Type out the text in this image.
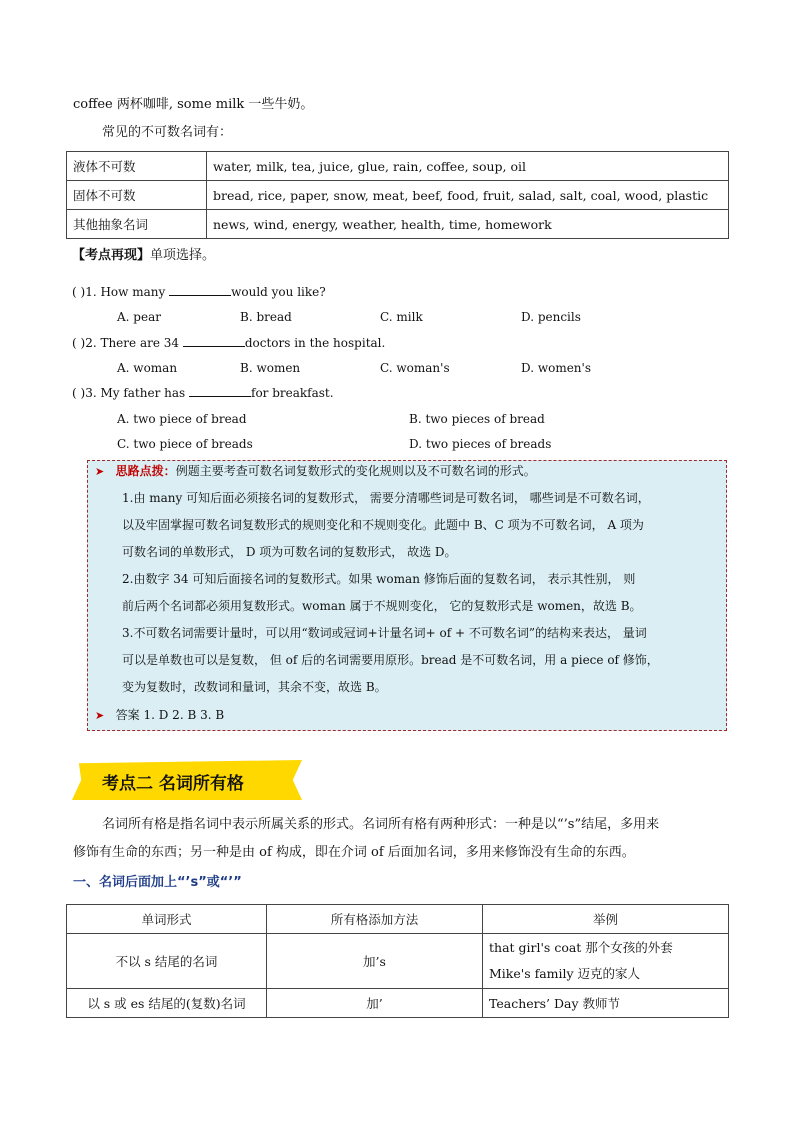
coffee 两杯咖啡, some milk 一些牛奶。
常见的不可数名词有：
液体不可数	water, milk, tea, juice, glue, rain, coffee, soup, oil
固体不可数	bread, rice, paper, snow, meat, beef, food, fruit, salad, salt, coal, wood, plastic
其他抽象名词	news, wind, energy, weather, health, time, homework
【考点再现】单项选择。
( )1. How many	would you like?
A. pear	B. bread	C. milk	D. pencils
( )2. There are 34	doctors in the hospital.
A. woman	B. women	C. woman's	D. women's
( )3. My father has	for breakfast.
A. two piece of bread	B. two pieces of bread
C. two piece of breads	D. two pieces of breads
➤ 思路点拨：例题主要考查可数名词复数形式的变化规则以及不可数名词的形式。
1.由 many 可知后面必须接名词的复数形式， 需要分清哪些词是可数名词， 哪些词是不可数名词，
以及牢固掌握可数名词复数形式的规则变化和不规则变化。此题中 B、C 项为不可数名词， A 项为
可数名词的单数形式， D 项为可数名词的复数形式， 故选 D。
2.由数字 34 可知后面接名词的复数形式。如果 woman 修饰后面的复数名词， 表示其性别， 则
前后两个名词都必须用复数形式。woman 属于不规则变化， 它的复数形式是 women，故选 B。
3.不可数名词需要计量时，可以用“数词或冠词+计量名词+ of + 不可数名词”的结构来表达， 量词
可以是单数也可以是复数， 但 of 后的名词需要用原形。bread 是不可数名词，用 a piece of 修饰，
变为复数时，改数词和量词，其余不变，故选 B。
➤ 答案 1. D 2. B 3. B
考点二 名词所有格
名词所有格是指名词中表示所属关系的形式。名词所有格有两种形式：一种是以“’s”结尾，多用来
修饰有生命的东西；另一种是由 of 构成，即在介词 of 后面加名词，多用来修饰没有生命的东西。
一、名词后面加上“’s”或“’”
单词形式	所有格添加方法	举例
不以 s 结尾的名词	加’s	that girl's coat 那个女孩的外套
Mike's family 迈克的家人

以 s 或 es 结尾的(复数)名词	加’	Teachers’ Day 教师节
